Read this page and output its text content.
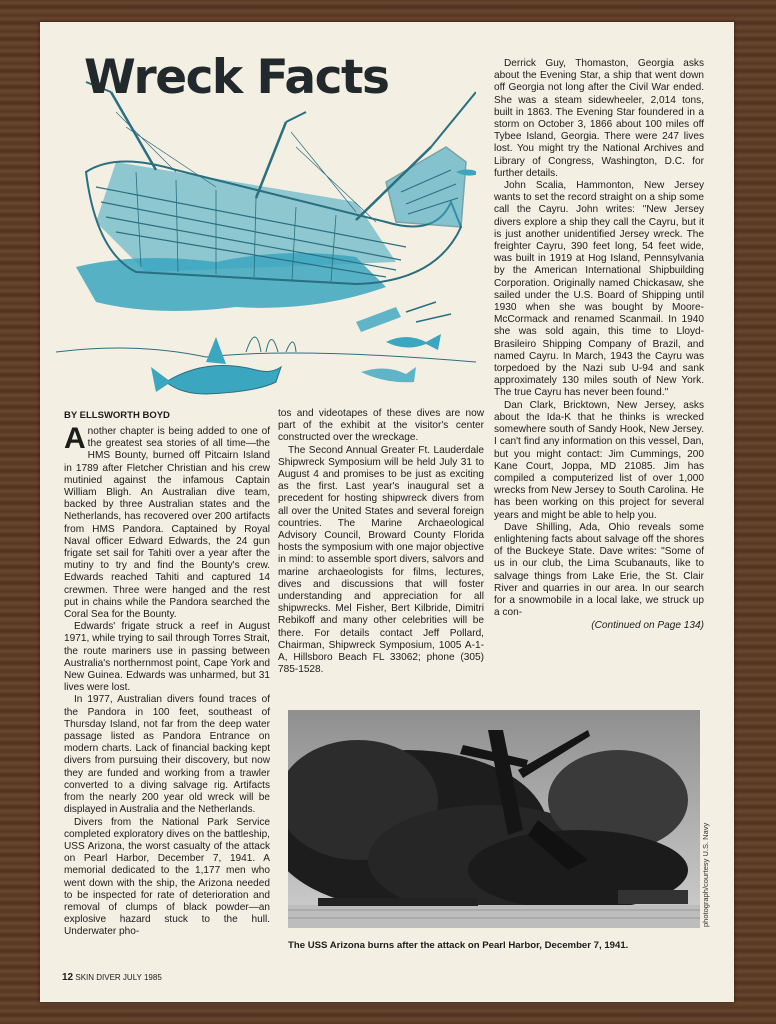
Wreck Facts
BY ELLSWORTH BOYD

Another chapter is being added to one of the greatest sea stories of all time—the HMS Bounty, burned off Pitcairn Island in 1789 after Fletcher Christian and his crew mutinied against the infamous Captain William Bligh. An Australian dive team, backed by three Australian states and the Netherlands, has recovered over 200 artifacts from HMS Pandora. Captained by Royal Naval officer Edward Edwards, the 24 gun frigate set sail for Tahiti over a year after the mutiny to try and find the Bounty's crew. Edwards reached Tahiti and captured 14 crewmen. Three were hanged and the rest put in chains while the Pandora searched the Coral Sea for the Bounty.

Edwards' frigate struck a reef in August 1971, while trying to sail through Torres Strait, the route mariners use in passing between Australia's northernmost point, Cape York and New Guinea. Edwards was unharmed, but 31 lives were lost.

In 1977, Australian divers found traces of the Pandora in 100 feet, southeast of Thursday Island, not far from the deep water passage listed as Pandora Entrance on modern charts. Lack of financial backing kept divers from pursuing their discovery, but now they are funded and working from a trawler converted to a diving salvage rig. Artifacts from the nearly 200 year old wreck will be displayed in Australia and the Netherlands.

Divers from the National Park Service completed exploratory dives on the battleship, USS Arizona, the worst casualty of the attack on Pearl Harbor, December 7, 1941. A memorial dedicated to the 1,177 men who went down with the ship, the Arizona needed to be inspected for rate of deterioration and removal of clumps of black powder—an explosive hazard stuck to the hull. Underwater pho-

tos and videotapes of these dives are now part of the exhibit at the visitor's center constructed over the wreckage.

The Second Annual Greater Ft. Lauderdale Shipwreck Symposium will be held July 31 to August 4 and promises to be just as exciting as the first. Last year's inaugural set a precedent for hosting shipwreck divers from all over the United States and several foreign countries. The Marine Archaeological Advisory Council, Broward County Florida hosts the symposium with one major objective in mind: to assemble sport divers, salvors and marine archaeologists for films, lectures, dives and discussions that will foster understanding and appreciation for all shipwrecks. Mel Fisher, Bert Kilbride, Dimitri Rebikoff and many other celebrities will be there. For details contact Jeff Pollard, Chairman, Shipwreck Symposium, 1005 A-1-A, Hillsboro Beach FL 33062; phone (305) 785-1528.

Derrick Guy, Thomaston, Georgia asks about the Evening Star, a ship that went down off Georgia not long after the Civil War ended. She was a steam sidewheeler, 2,014 tons, built in 1863. The Evening Star foundered in a storm on October 3, 1866 about 100 miles off Tybee Island, Georgia. There were 247 lives lost. You might try the National Archives and Library of Congress, Washington, D.C. for further details.

John Scalia, Hammonton, New Jersey wants to set the record straight on a ship some call the Cayru. John writes: "New Jersey divers explore a ship they call the Cayru, but it is just another unidentified Jersey wreck. The freighter Cayru, 390 feet long, 54 feet wide, was built in 1919 at Hog Island, Pennsylvania by the American International Shipbuilding Corporation. Originally named Chickasaw, she sailed under the U.S. Board of Shipping until 1930 when she was bought by Moore-McCormack and renamed Scanmail. In 1940 she was sold again, this time to Lloyd-Brasileiro Shipping Company of Brazil, and named Cayru. In March, 1943 the Cayru was torpedoed by the Nazi sub U-94 and sank approximately 130 miles south of New York. The true Cayru has never been found."

Dan Clark, Bricktown, New Jersey, asks about the Ida-K that he thinks is wrecked somewhere south of Sandy Hook, New Jersey. I can't find any information on this vessel, Dan, but you might contact: Jim Cummings, 200 Kane Court, Joppa, MD 21085. Jim has compiled a computerized list of over 1,000 wrecks from New Jersey to South Carolina. He has been working on this project for several years and might be able to help you.

Dave Shilling, Ada, Ohio reveals some enlightening facts about salvage off the shores of the Buckeye State. Dave writes: "Some of us in our club, the Lima Scubanauts, like to salvage things from Lake Erie, the St. Clair River and quarries in our area. In our search for a snowmobile in a local lake, we struck up a con-

(Continued on Page 134)
photograph/courtesy U.S. Navy
The USS Arizona burns after the attack on Pearl Harbor, December 7, 1941.
12 SKIN DIVER JULY 1985
